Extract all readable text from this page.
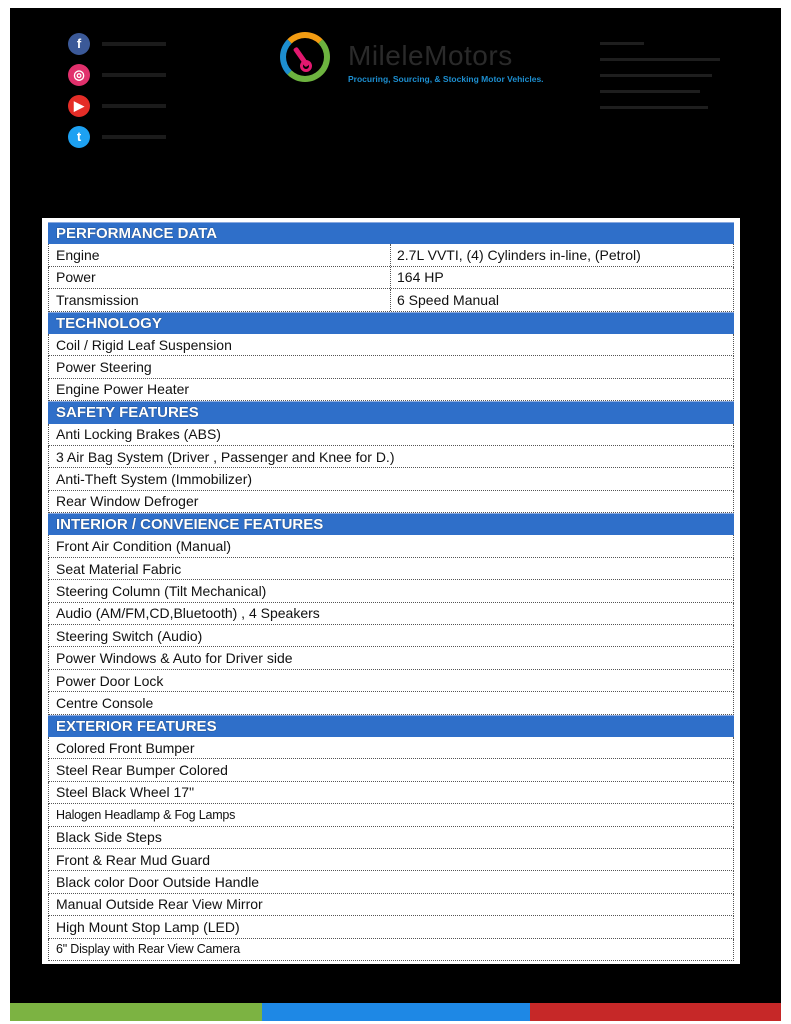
f
◎
▶
t
MileleMotors
Procuring, Sourcing, & Stocking Motor Vehicles.
PERFORMANCE DATA
Engine	2.7L VVTI, (4) Cylinders in-line, (Petrol)
Power	164 HP
Transmission	6 Speed Manual
TECHNOLOGY
Coil / Rigid Leaf Suspension
Power Steering
Engine Power Heater
SAFETY FEATURES
Anti Locking Brakes (ABS)
3 Air Bag System (Driver , Passenger and Knee for D.)
Anti-Theft System (Immobilizer)
Rear Window Defroger
INTERIOR / CONVEIENCE FEATURES
Front Air Condition (Manual)
Seat Material Fabric
Steering Column (Tilt Mechanical)
Audio (AM/FM,CD,Bluetooth) , 4 Speakers
Steering Switch (Audio)
Power Windows & Auto for Driver side
Power Door Lock
Centre Console
EXTERIOR FEATURES
Colored Front Bumper
Steel Rear Bumper Colored
Steel Black Wheel 17"
Halogen Headlamp & Fog Lamps
Black Side Steps
Front & Rear Mud Guard
Black color Door Outside Handle
Manual Outside Rear View Mirror
High Mount Stop Lamp (LED)
6" Display with Rear View Camera
